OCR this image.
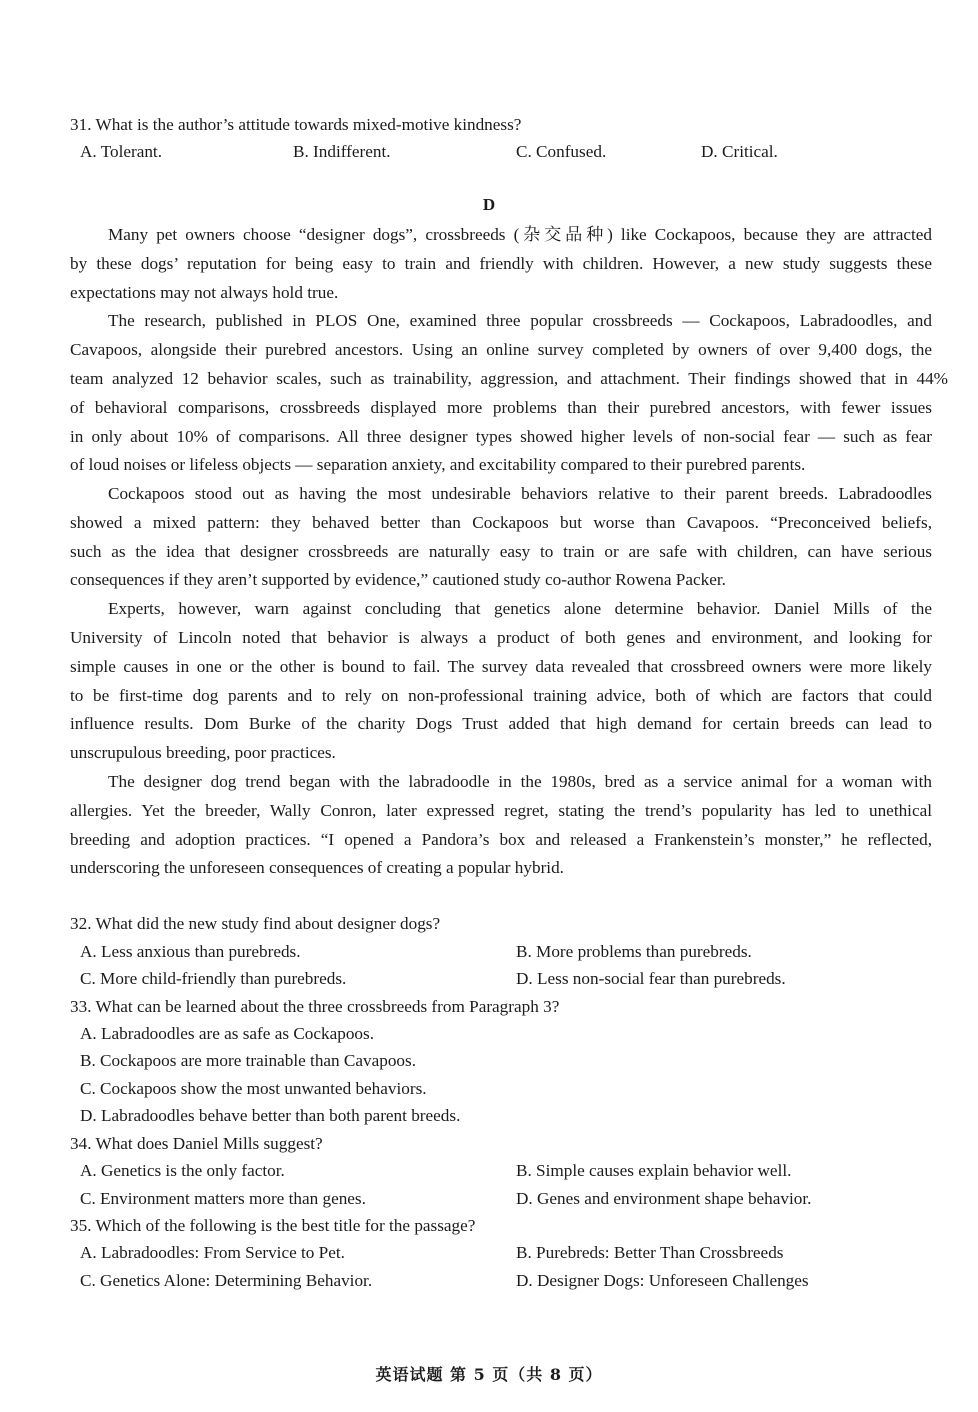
31. What is the author’s attitude towards mixed-motive kindness?
A. Tolerant.	B. Indifferent.	C. Confused.	D. Critical.
D
Many pet owners choose “designer dogs”, crossbreeds (杂交品种) like Cockapoos, because they are attracted
by these dogs’ reputation for being easy to train and friendly with children. However, a new study suggests these
expectations may not always hold true.
The research, published in PLOS One, examined three popular crossbreeds — Cockapoos, Labradoodles, and
Cavapoos, alongside their purebred ancestors. Using an online survey completed by owners of over 9,400 dogs, the
team analyzed 12 behavior scales, such as trainability, aggression, and attachment. Their findings showed that in 44%
of behavioral comparisons, crossbreeds displayed more problems than their purebred ancestors, with fewer issues
in only about 10% of comparisons. All three designer types showed higher levels of non-social fear — such as fear
of loud noises or lifeless objects — separation anxiety, and excitability compared to their purebred parents.
Cockapoos stood out as having the most undesirable behaviors relative to their parent breeds. Labradoodles
showed a mixed pattern: they behaved better than Cockapoos but worse than Cavapoos. “Preconceived beliefs,
such as the idea that designer crossbreeds are naturally easy to train or are safe with children, can have serious
consequences if they aren’t supported by evidence,” cautioned study co-author Rowena Packer.
Experts, however, warn against concluding that genetics alone determine behavior. Daniel Mills of the
University of Lincoln noted that behavior is always a product of both genes and environment, and looking for
simple causes in one or the other is bound to fail. The survey data revealed that crossbreed owners were more likely
to be first-time dog parents and to rely on non-professional training advice, both of which are factors that could
influence results. Dom Burke of the charity Dogs Trust added that high demand for certain breeds can lead to
unscrupulous breeding, poor practices.
The designer dog trend began with the labradoodle in the 1980s, bred as a service animal for a woman with
allergies. Yet the breeder, Wally Conron, later expressed regret, stating the trend’s popularity has led to unethical
breeding and adoption practices. “I opened a Pandora’s box and released a Frankenstein’s monster,” he reflected,
underscoring the unforeseen consequences of creating a popular hybrid.
32. What did the new study find about designer dogs?
A. Less anxious than purebreds.	B. More problems than purebreds.
C. More child-friendly than purebreds.	D. Less non-social fear than purebreds.
33. What can be learned about the three crossbreeds from Paragraph 3?
A. Labradoodles are as safe as Cockapoos.
B. Cockapoos are more trainable than Cavapoos.
C. Cockapoos show the most unwanted behaviors.
D. Labradoodles behave better than both parent breeds.
34. What does Daniel Mills suggest?
A. Genetics is the only factor.	B. Simple causes explain behavior well.
C. Environment matters more than genes.	D. Genes and environment shape behavior.
35. Which of the following is the best title for the passage?
A. Labradoodles: From Service to Pet.	B. Purebreds: Better Than Crossbreeds
C. Genetics Alone: Determining Behavior.	D. Designer Dogs: Unforeseen Challenges
英语试题 第 5 页（共 8 页）
